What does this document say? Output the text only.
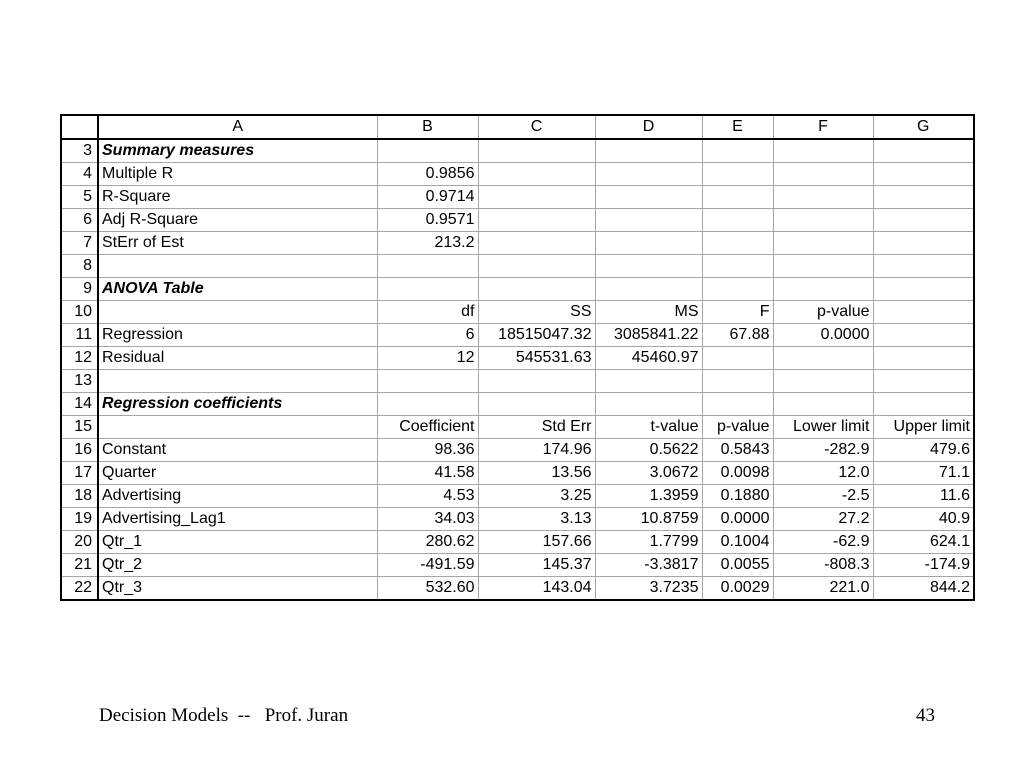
	A	B	C	D	E	F	G
3	Summary measures						
4	Multiple R	0.9856					
5	R-Square	0.9714					
6	Adj R-Square	0.9571					
7	StErr of Est	213.2					
8							
9	ANOVA Table						
10		df	SS	MS	F	p-value	
11	Regression	6	18515047.32	3085841.22	67.88	0.0000	
12	Residual	12	545531.63	45460.97			
13							
14	Regression coefficients						
15		Coefficient	Std Err	t-value	p-value	Lower limit	Upper limit
16	Constant	98.36	174.96	0.5622	0.5843	-282.9	479.6
17	Quarter	41.58	13.56	3.0672	0.0098	12.0	71.1
18	Advertising	4.53	3.25	1.3959	0.1880	-2.5	11.6
19	Advertising_Lag1	34.03	3.13	10.8759	0.0000	27.2	40.9
20	Qtr_1	280.62	157.66	1.7799	0.1004	-62.9	624.1
21	Qtr_2	-491.59	145.37	-3.3817	0.0055	-808.3	-174.9
22	Qtr_3	532.60	143.04	3.7235	0.0029	221.0	844.2
Decision Models  --   Prof. Juran	43
